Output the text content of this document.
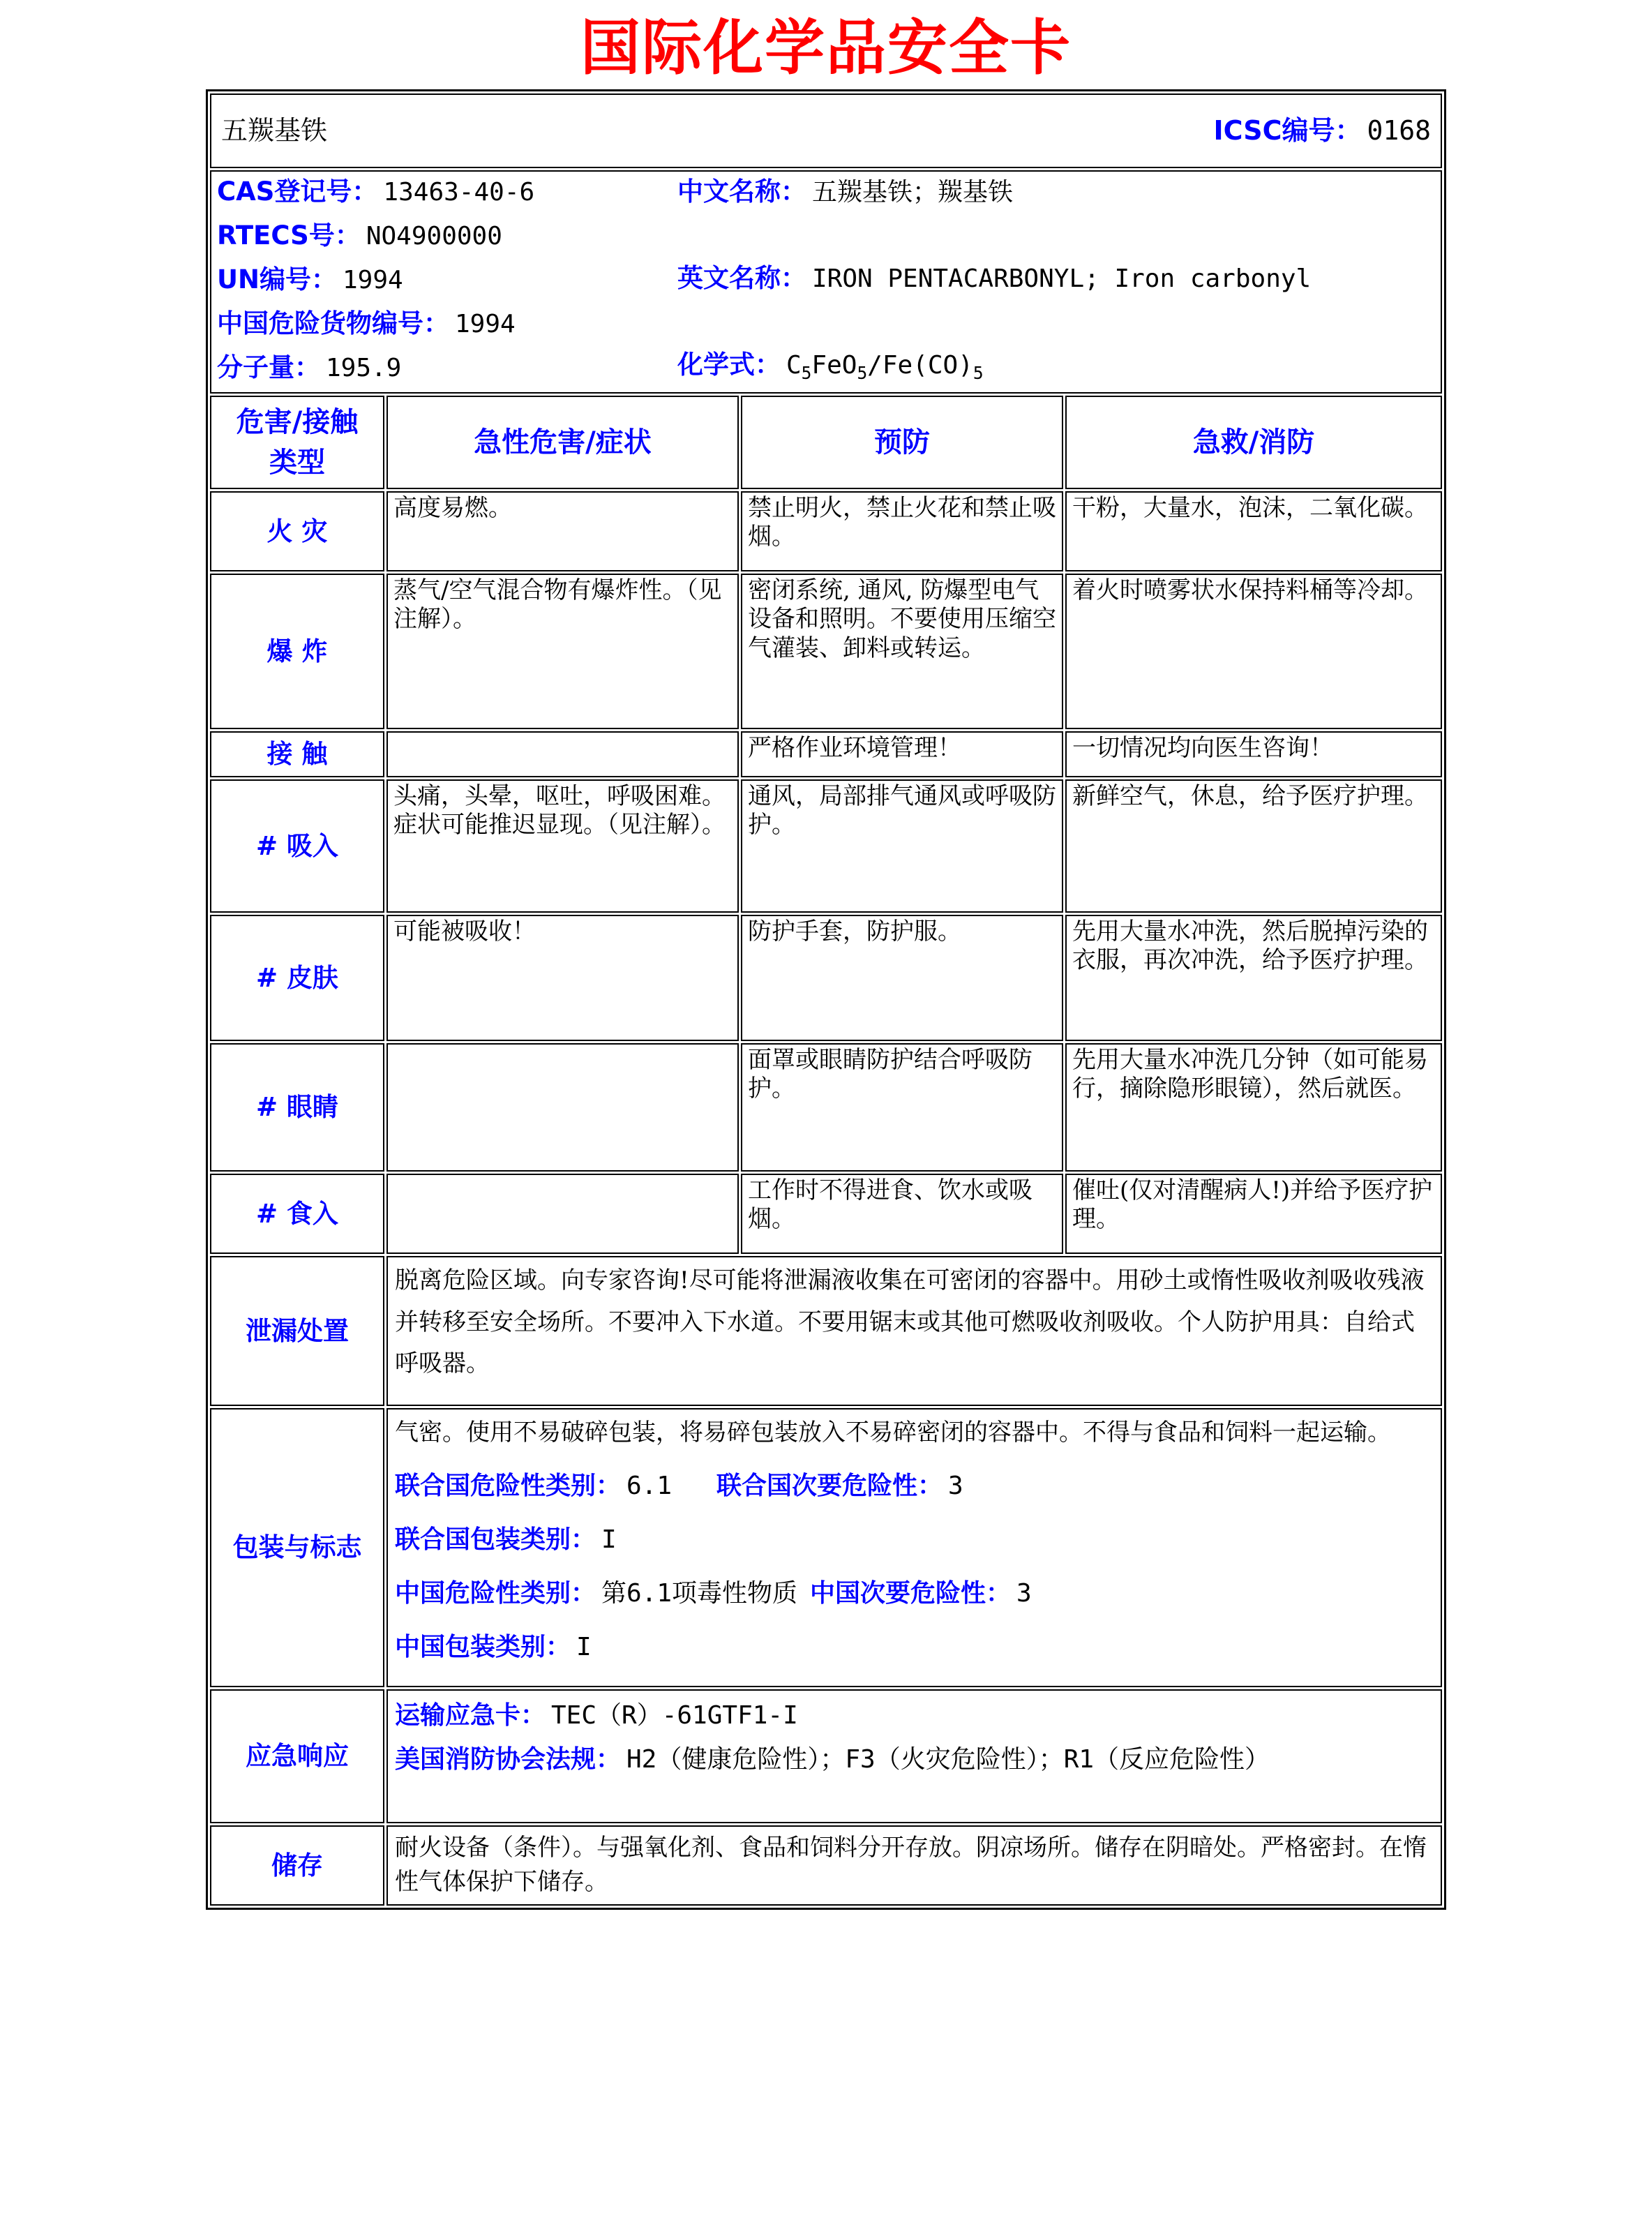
国际化学品安全卡
五羰基铁 ICSC编号： 0168			

CAS登记号： 13463-40-6
RTECS号： NO4900000
UN编号： 1994
中国危险货物编号： 1994
分子量： 195.9
中文名称： 五羰基铁；羰基铁
英文名称： IRON PENTACARBONYL; Iron carbonyl
化学式： $C_5FeO_5/Fe(CO)_5$

危害/接触
类型	急性危害/症状	预防	急救/消防
火 灾	高度易燃。	禁止明火，禁止火花和禁止吸烟。	干粉，大量水，泡沫，二氧化碳。
爆 炸	蒸气/空气混合物有爆炸性。（见注解）。	密闭系统, 通风, 防爆型电气设备和照明。不要使用压缩空气灌装、卸料或转运。	着火时喷雾状水保持料桶等冷却。
接 触		严格作业环境管理！	一切情况均向医生咨询！
# 吸入	头痛，头晕，呕吐，呼吸困难。症状可能推迟显现。（见注解）。	通风，局部排气通风或呼吸防护。	新鲜空气，休息，给予医疗护理。
# 皮肤	可能被吸收！	防护手套，防护服。	先用大量水冲洗，然后脱掉污染的衣服，再次冲洗，给予医疗护理。
# 眼睛		面罩或眼睛防护结合呼吸防护。	先用大量水冲洗几分钟（如可能易行，摘除隐形眼镜），然后就医。
# 食入		工作时不得进食、饮水或吸烟。	催吐(仅对清醒病人!)并给予医疗护理。
泄漏处置	脱离危险区域。向专家咨询!尽可能将泄漏液收集在可密闭的容器中。用砂土或惰性吸收剂吸收残液并转移至安全场所。不要冲入下水道。不要用锯末或其他可燃吸收剂吸收。个人防护用具：自给式呼吸器。		
包装与标志	气密。使用不易破碎包装，将易碎包装放入不易碎密闭的容器中。不得与食品和饲料一起运输。
联合国危险性类别： 6.1 联合国次要危险性： 3
联合国包装类别： I
中国危险性类别： 第6.1项毒性物质 中国次要危险性： 3
中国包装类别： I		

应急响应	运输应急卡： TEC（R）-61GTF1-I
美国消防协会法规： H2（健康危险性）；F3（火灾危险性）；R1（反应危险性）		

储存	耐火设备（条件）。与强氧化剂、食品和饲料分开存放。阴凉场所。储存在阴暗处。严格密封。在惰性气体保护下储存。		
